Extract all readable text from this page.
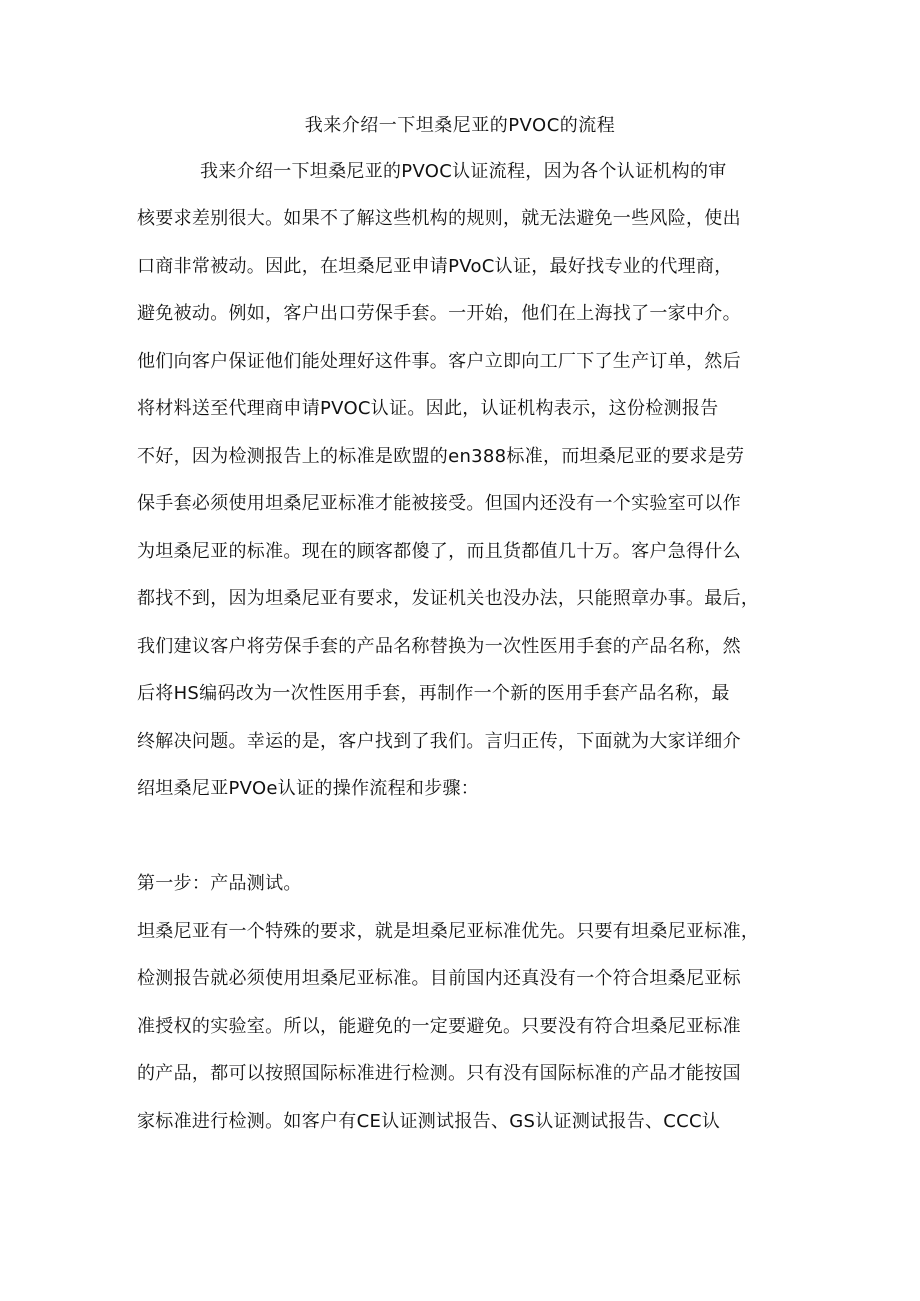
我来介绍一下坦桑尼亚的PVOC的流程
我来介绍一下坦桑尼亚的PVOC认证流程，因为各个认证机构的审
核要求差别很大。如果不了解这些机构的规则，就无法避免一些风险，使出
口商非常被动。因此，在坦桑尼亚申请PVoC认证，最好找专业的代理商，
避免被动。例如，客户出口劳保手套。一开始，他们在上海找了一家中介。
他们向客户保证他们能处理好这件事。客户立即向工厂下了生产订单，然后
将材料送至代理商申请PVOC认证。因此，认证机构表示，这份检测报告
不好，因为检测报告上的标准是欧盟的en388标准，而坦桑尼亚的要求是劳
保手套必须使用坦桑尼亚标准才能被接受。但国内还没有一个实验室可以作
为坦桑尼亚的标准。现在的顾客都傻了，而且货都值几十万。客户急得什么
都找不到，因为坦桑尼亚有要求，发证机关也没办法，只能照章办事。最后，
我们建议客户将劳保手套的产品名称替换为一次性医用手套的产品名称，然
后将HS编码改为一次性医用手套，再制作一个新的医用手套产品名称，最
终解决问题。幸运的是，客户找到了我们。言归正传，下面就为大家详细介
绍坦桑尼亚PVOe认证的操作流程和步骤：
第一步：产品测试。
坦桑尼亚有一个特殊的要求，就是坦桑尼亚标准优先。只要有坦桑尼亚标准，
检测报告就必须使用坦桑尼亚标准。目前国内还真没有一个符合坦桑尼亚标
准授权的实验室。所以，能避免的一定要避免。只要没有符合坦桑尼亚标准
的产品，都可以按照国际标准进行检测。只有没有国际标准的产品才能按国
家标准进行检测。如客户有CE认证测试报告、GS认证测试报告、CCC认
